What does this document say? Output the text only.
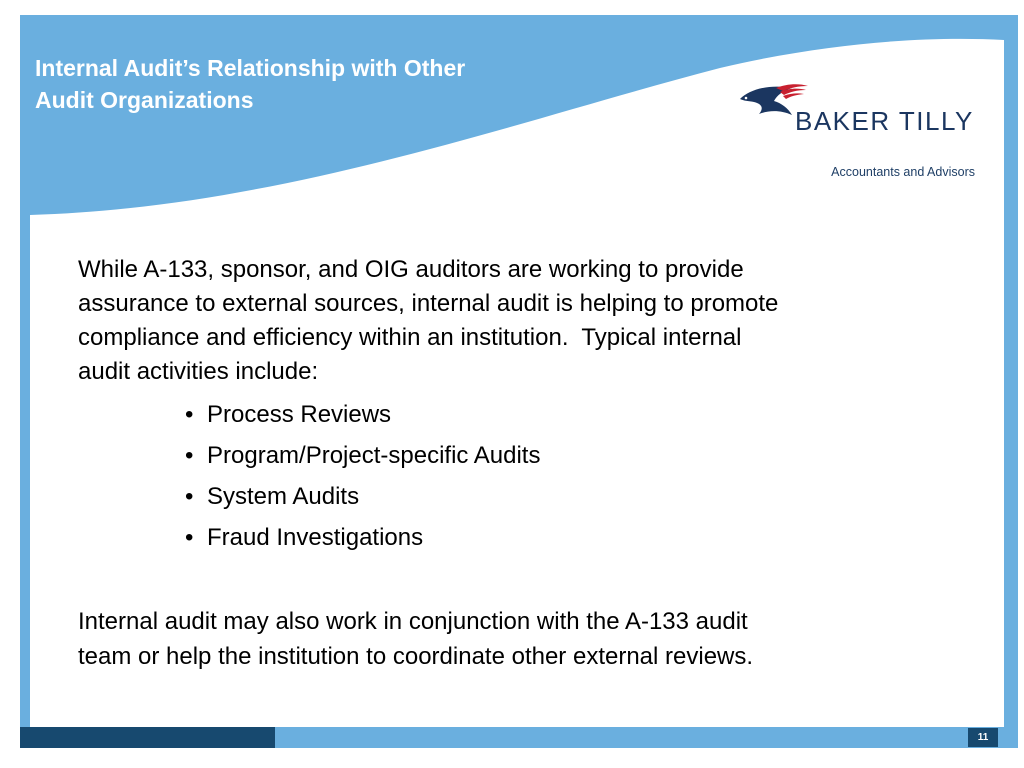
Internal Audit’s Relationship with Other
Audit Organizations
BAKER TILLY
Accountants and Advisors
While A-133, sponsor, and OIG auditors are working to provide
assurance to external sources, internal audit is helping to promote
compliance and efficiency within an institution.  Typical internal
audit activities include:
•
Process Reviews
•
Program/Project-specific Audits
•
System Audits
•
Fraud Investigations
Internal audit may also work in conjunction with the A-133 audit
team or help the institution to coordinate other external reviews.
11
